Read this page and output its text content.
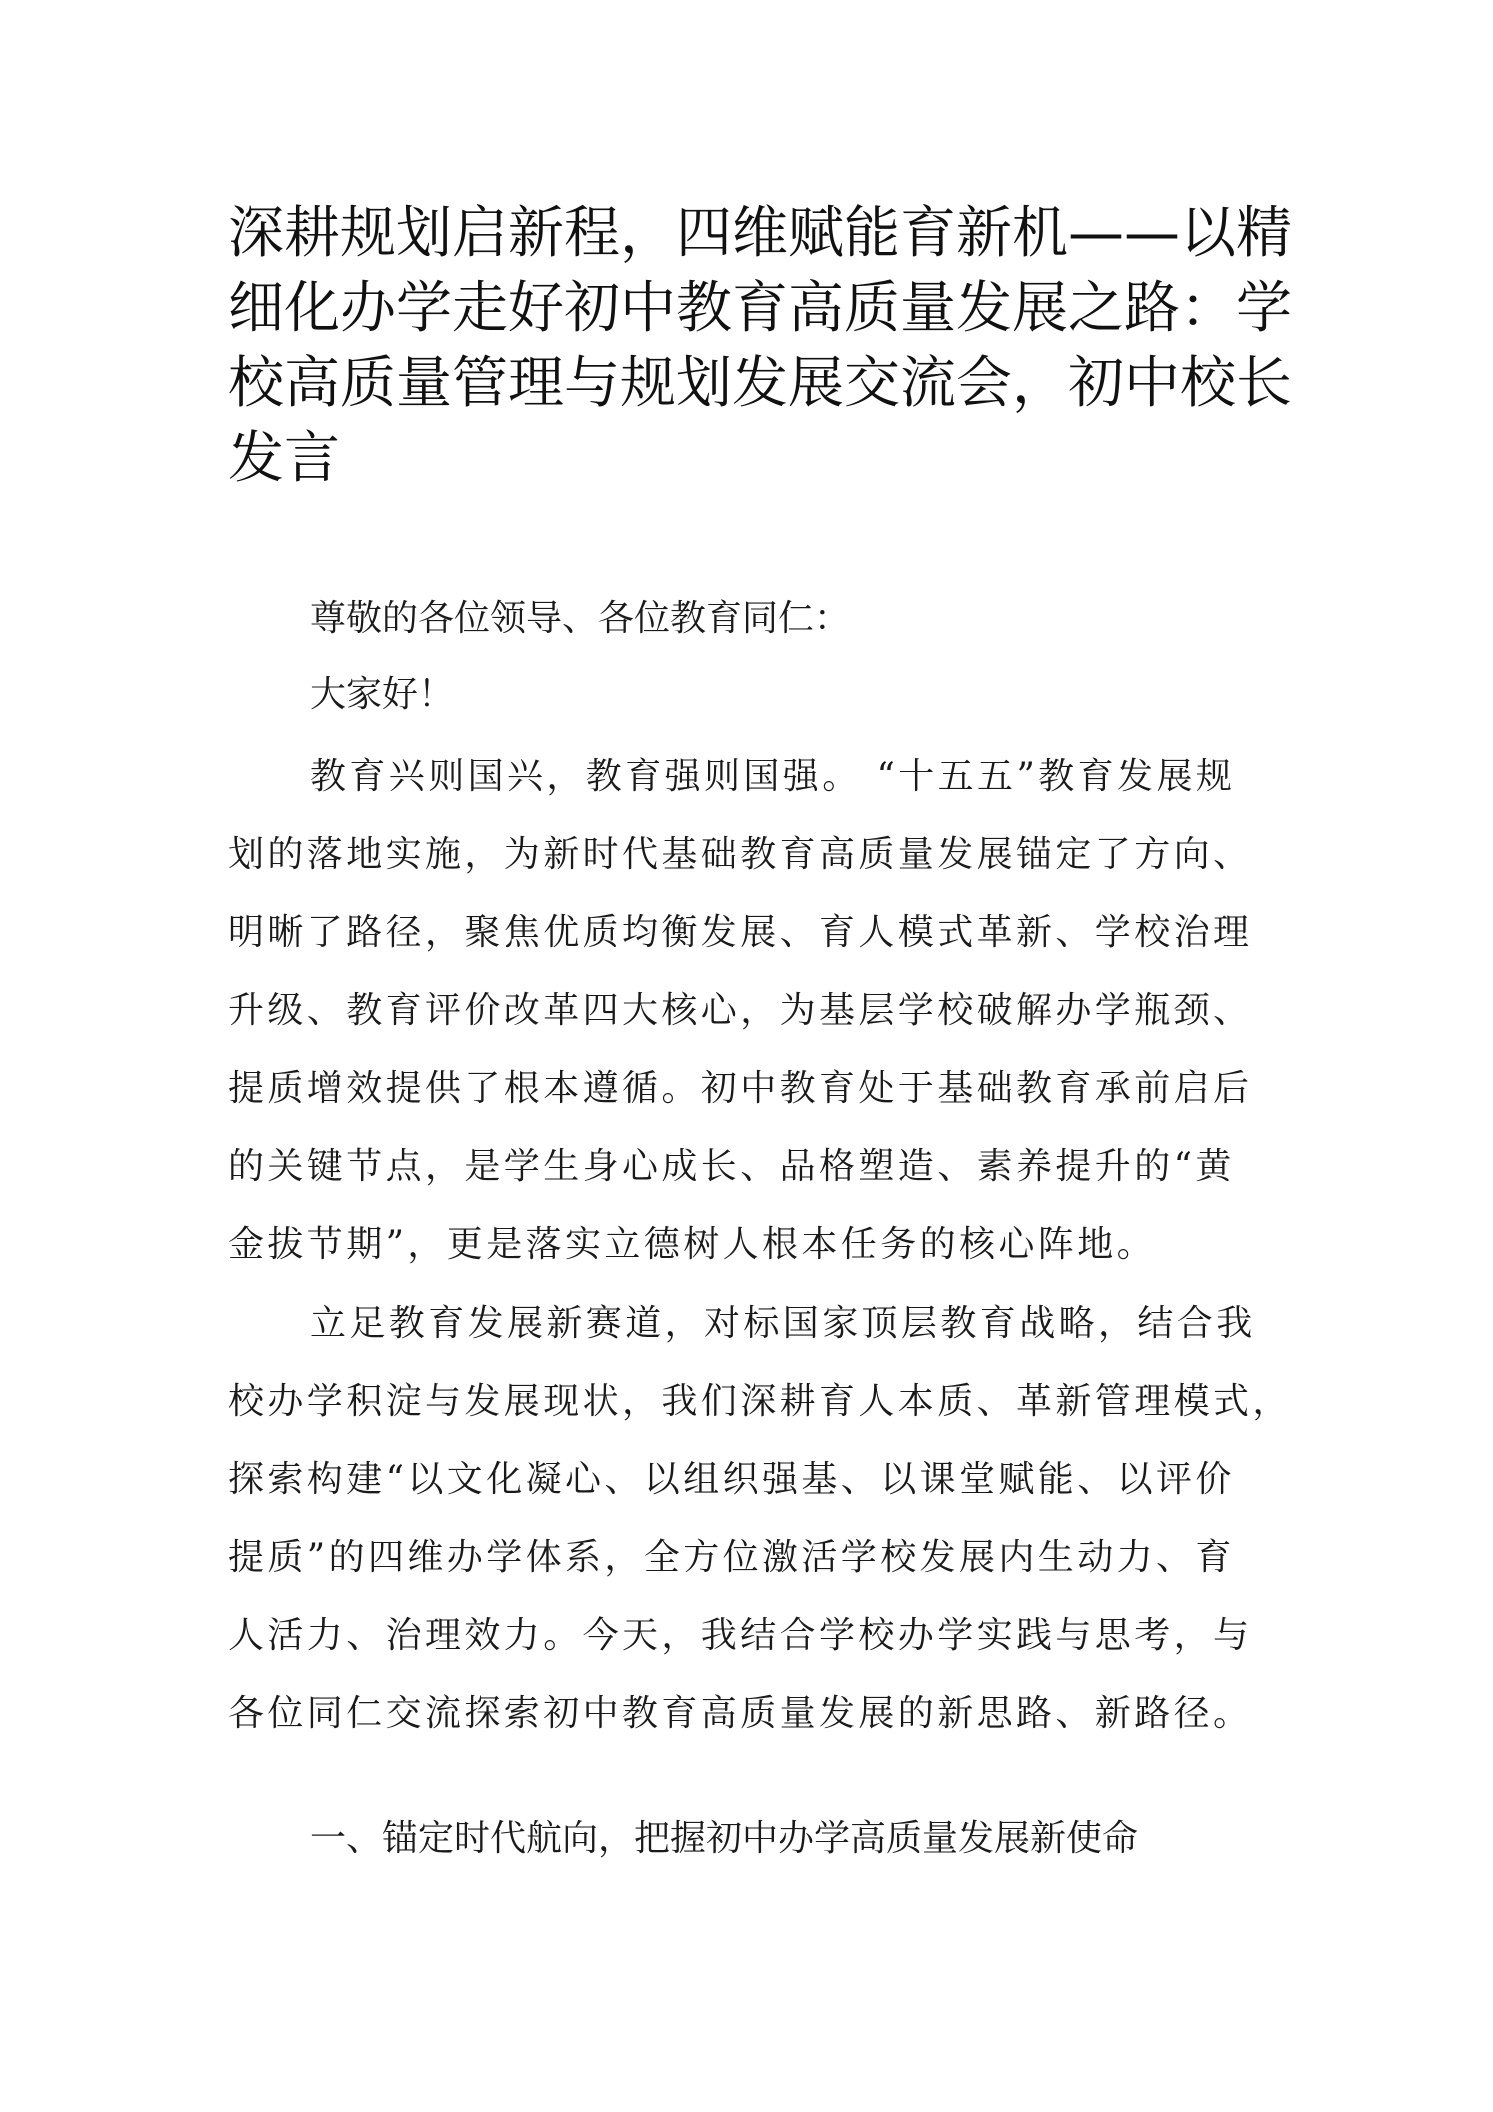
深耕规划启新程，四维赋能育新机——以精
细化办学走好初中教育高质量发展之路：学
校高质量管理与规划发展交流会，初中校长
发言
尊敬的各位领导、各位教育同仁：
大家好！
教育兴则国兴，教育强则国强。 “十五五”教育发展规
划的落地实施，为新时代基础教育高质量发展锚定了方向、
明晰了路径，聚焦优质均衡发展、育人模式革新、学校治理
升级、教育评价改革四大核心，为基层学校破解办学瓶颈、
提质增效提供了根本遵循。初中教育处于基础教育承前启后
的关键节点，是学生身心成长、品格塑造、素养提升的“黄
金拔节期”，更是落实立德树人根本任务的核心阵地。
立足教育发展新赛道，对标国家顶层教育战略，结合我
校办学积淀与发展现状，我们深耕育人本质、革新管理模式，
探索构建“以文化凝心、以组织强基、以课堂赋能、以评价
提质”的四维办学体系，全方位激活学校发展内生动力、育
人活力、治理效力。今天，我结合学校办学实践与思考，与
各位同仁交流探索初中教育高质量发展的新思路、新路径。
一、锚定时代航向，把握初中办学高质量发展新使命
